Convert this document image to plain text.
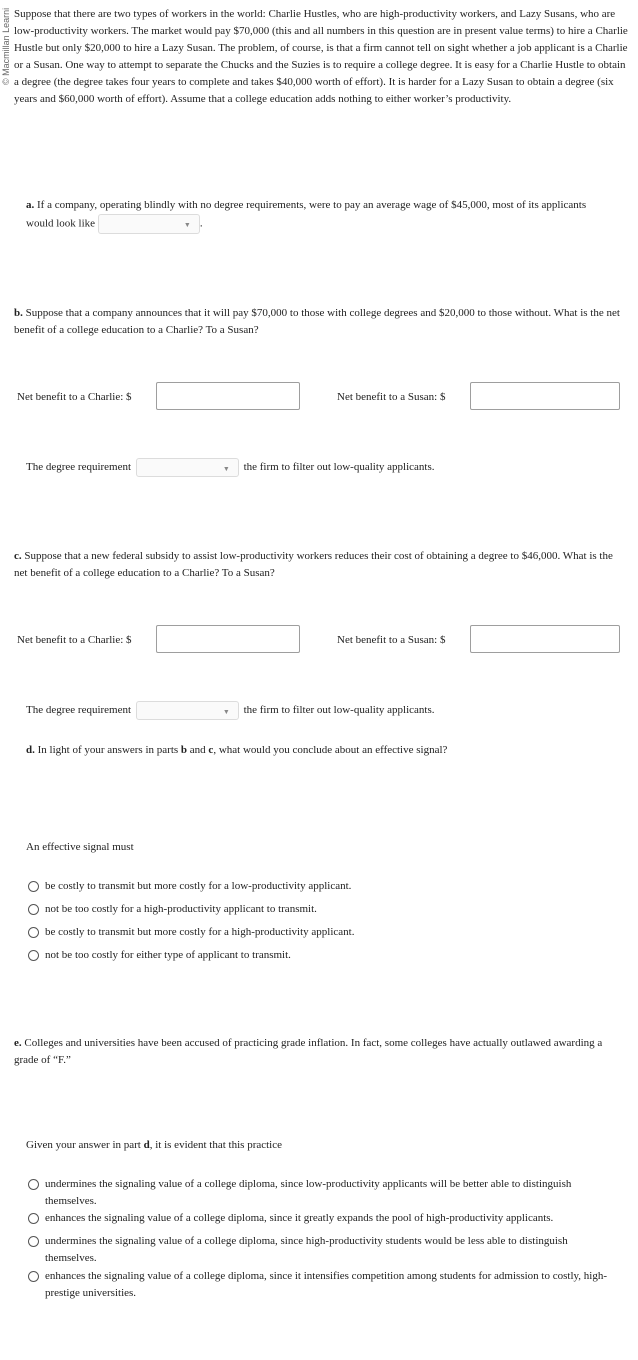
© Macmillan Learni Suppose that there are two types of workers in the world: Charlie Hustles, who are high-productivity workers, and Lazy Susans, who are low-productivity workers. The market would pay $70,000 (this and all numbers in this question are in present value terms) to hire a Charlie Hustle but only $20,000 to hire a Lazy Susan. The problem, of course, is that a firm cannot tell on sight whether a job applicant is a Charlie or a Susan. One way to attempt to separate the Chucks and the Suzies is to require a college degree. It is easy for a Charlie Hustle to obtain a degree (the degree takes four years to complete and takes $40,000 worth of effort). It is harder for a Lazy Susan to obtain a degree (six years and $60,000 worth of effort). Assume that a college education adds nothing to either worker’s productivity.

a. If a company, operating blindly with no degree requirements, were to pay an average wage of $45,000, most of its applicants would look like	▼ .

b. Suppose that a company announces that it will pay $70,000 to those with college degrees and $20,000 to those without. What is the net benefit of a college education to a Charlie? To a Susan?

Net benefit to a Charlie: $	Net benefit to a Susan: $
The degree requirement	▼ the firm to filter out low-quality applicants.

c. Suppose that a new federal subsidy to assist low-productivity workers reduces their cost of obtaining a degree to $46,000. What is the net benefit of a college education to a Charlie? To a Susan?

Net benefit to a Charlie: $	Net benefit to a Susan: $
The degree requirement	▼ the firm to filter out low-quality applicants.

d. In light of your answers in parts b and c, what would you conclude about an effective signal?

An effective signal must
be costly to transmit but more costly for a low-productivity applicant.
not be too costly for a high-productivity applicant to transmit.
be costly to transmit but more costly for a high-productivity applicant.
not be too costly for either type of applicant to transmit.

e. Colleges and universities have been accused of practicing grade inflation. In fact, some colleges have actually outlawed awarding a grade of “F.”

Given your answer in part d, it is evident that this practice
undermines the signaling value of a college diploma, since low-productivity applicants will be better able to distinguish themselves.
enhances the signaling value of a college diploma, since it greatly expands the pool of high-productivity applicants.
undermines the signaling value of a college diploma, since high-productivity students would be less able to distinguish themselves.
enhances the signaling value of a college diploma, since it intensifies competition among students for admission to costly, high-prestige universities.
